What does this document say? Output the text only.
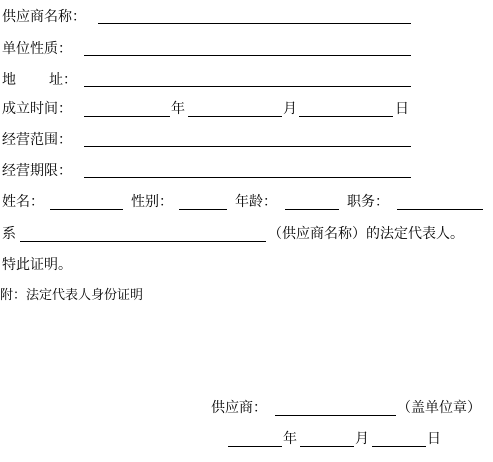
供应商名称：
单位性质：
地 址：
成立时间：	年	月	日
经营范围：
经营期限：
姓名：	性别：	年龄：	职务：
系	（供应商名称）的法定代表人。
特此证明。
附：法定代表人身份证明
供应商：	（盖单位章）
年	月	日
